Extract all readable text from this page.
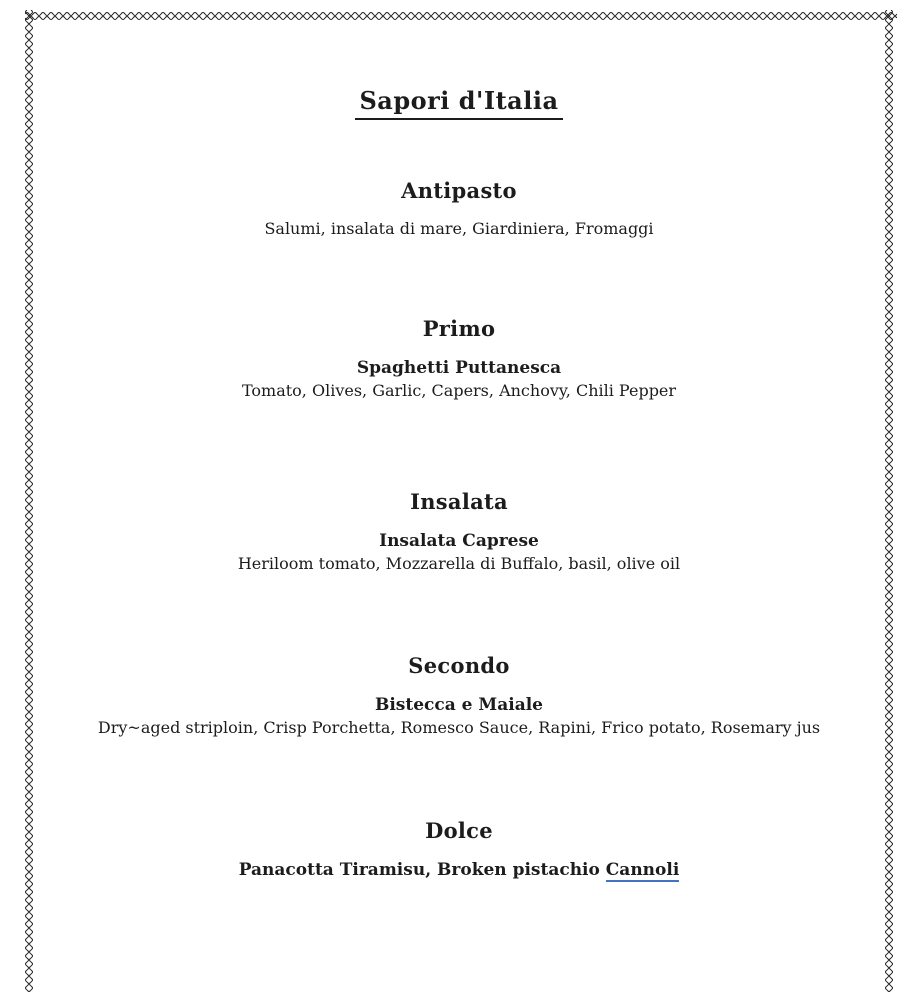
Sapori d'Italia
Antipasto
Salumi, insalata di mare, Giardiniera, Fromaggi
Primo
Spaghetti Puttanesca
Tomato, Olives, Garlic, Capers, Anchovy, Chili Pepper
Insalata
Insalata Caprese
Heriloom tomato, Mozzarella di Buffalo, basil, olive oil
Secondo
Bistecca e Maiale
Dry~aged striploin, Crisp Porchetta, Romesco Sauce, Rapini, Frico potato, Rosemary jus
Dolce
Panacotta Tiramisu, Broken pistachio Cannoli
